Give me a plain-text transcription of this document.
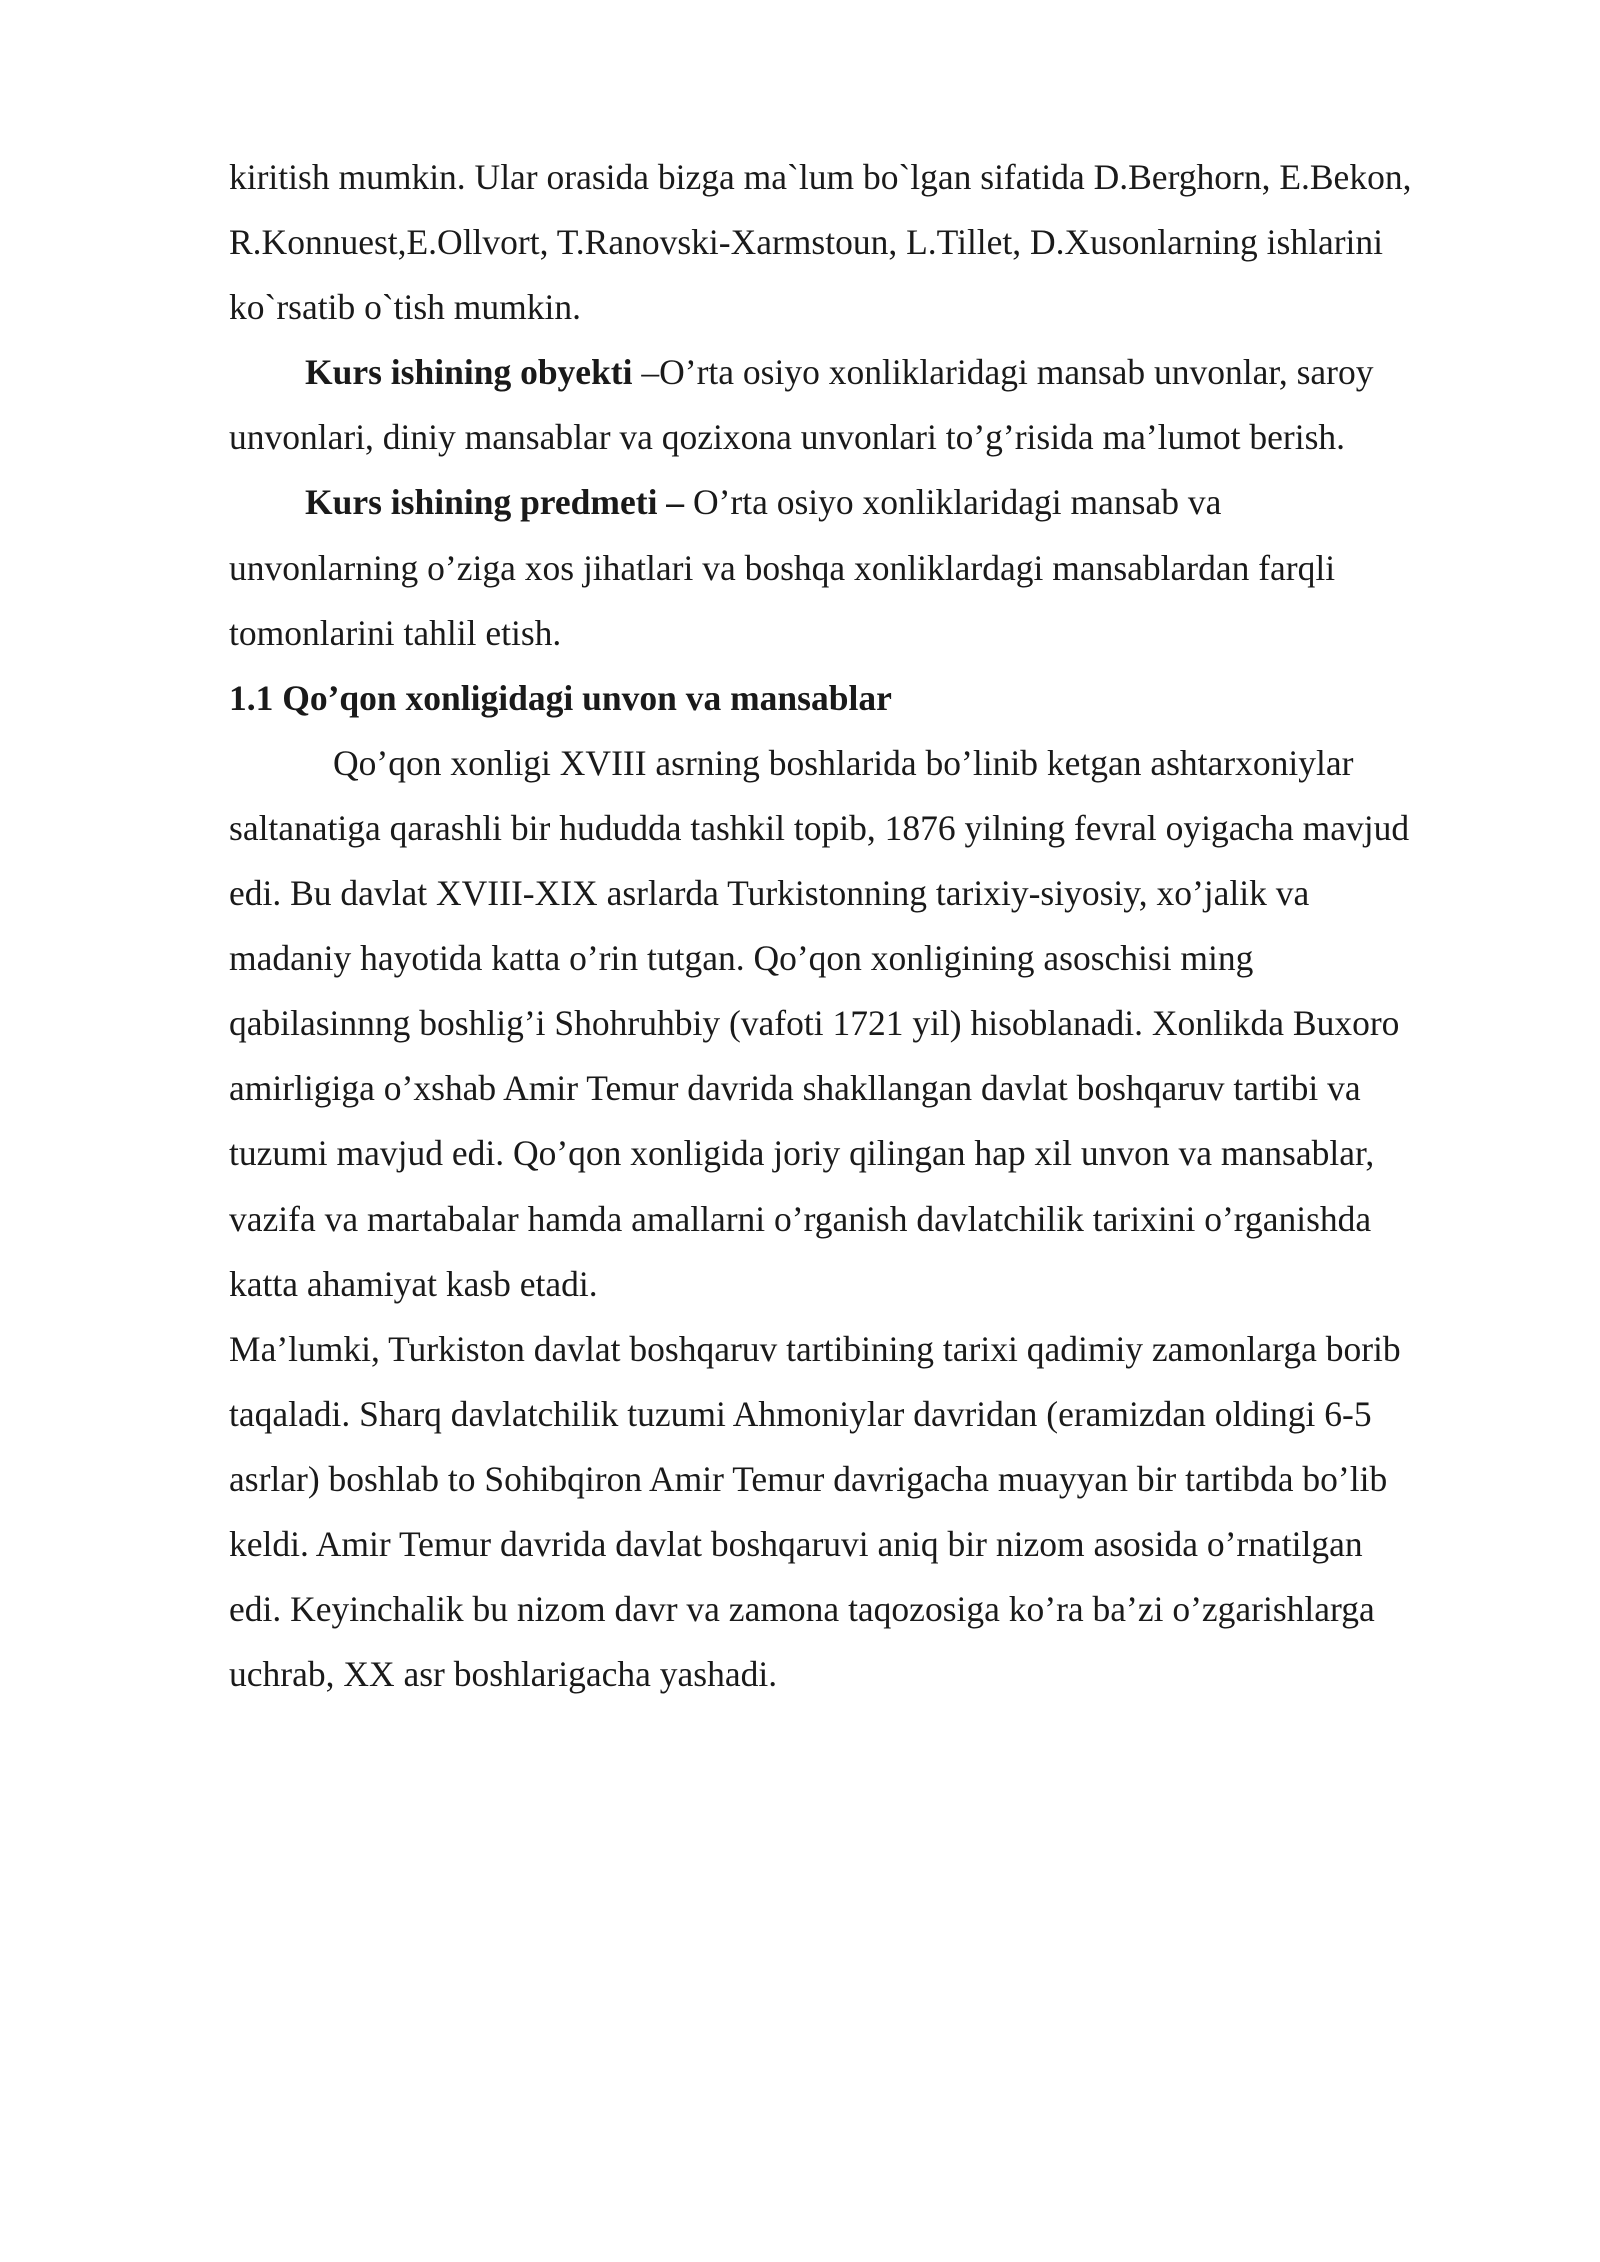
kiritish mumkin. Ular orasida bizga ma`lum bo`lgan sifatida D.Berghorn, E.Bekon,
R.Konnuest,E.Ollvort, T.Ranovski-Xarmstoun, L.Tillet, D.Xusonlarning ishlarini
ko`rsatib o`tish mumkin.
Kurs ishining obyekti –O’rta osiyo xonliklaridagi mansab unvonlar, saroy
unvonlari, diniy mansablar va qozixona unvonlari to’g’risida ma’lumot berish.
Kurs ishining predmeti – O’rta osiyo xonliklaridagi mansab va
unvonlarning o’ziga xos jihatlari va boshqa xonliklardagi mansablardan farqli
tomonlarini tahlil etish.
1.1 Qo’qon xonligidagi unvon va mansablar
Qo’qon xonligi XVIII asrning boshlarida bo’linib ketgan ashtarxoniylar
saltanatiga qarashli bir hududda tashkil topib, 1876 yilning fevral oyigacha mavjud
edi. Bu davlat XVIII-XIX asrlarda Turkistonning tarixiy-siyosiy, xo’jalik va
madaniy hayotida katta o’rin tutgan. Qo’qon xonligining asoschisi ming
qabilasinnng boshlig’i Shohruhbiy (vafoti 1721 yil) hisoblanadi. Xonlikda Buxoro
amirligiga o’xshab Amir Temur davrida shakllangan davlat boshqaruv tartibi va
tuzumi mavjud edi. Qo’qon xonligida joriy qilingan hap xil unvon va mansablar,
vazifa va martabalar hamda amallarni o’rganish davlatchilik tarixini o’rganishda
katta ahamiyat kasb etadi.
Ma’lumki, Turkiston davlat boshqaruv tartibining tarixi qadimiy zamonlarga borib
taqaladi. Sharq davlatchilik tuzumi Ahmoniylar davridan (eramizdan oldingi 6-5
asrlar) boshlab to Sohibqiron Amir Temur davrigacha muayyan bir tartibda bo’lib
keldi. Amir Temur davrida davlat boshqaruvi aniq bir nizom asosida o’rnatilgan
edi. Keyinchalik bu nizom davr va zamona taqozosiga ko’ra ba’zi o’zgarishlarga
uchrab, XX asr boshlarigacha yashadi.
